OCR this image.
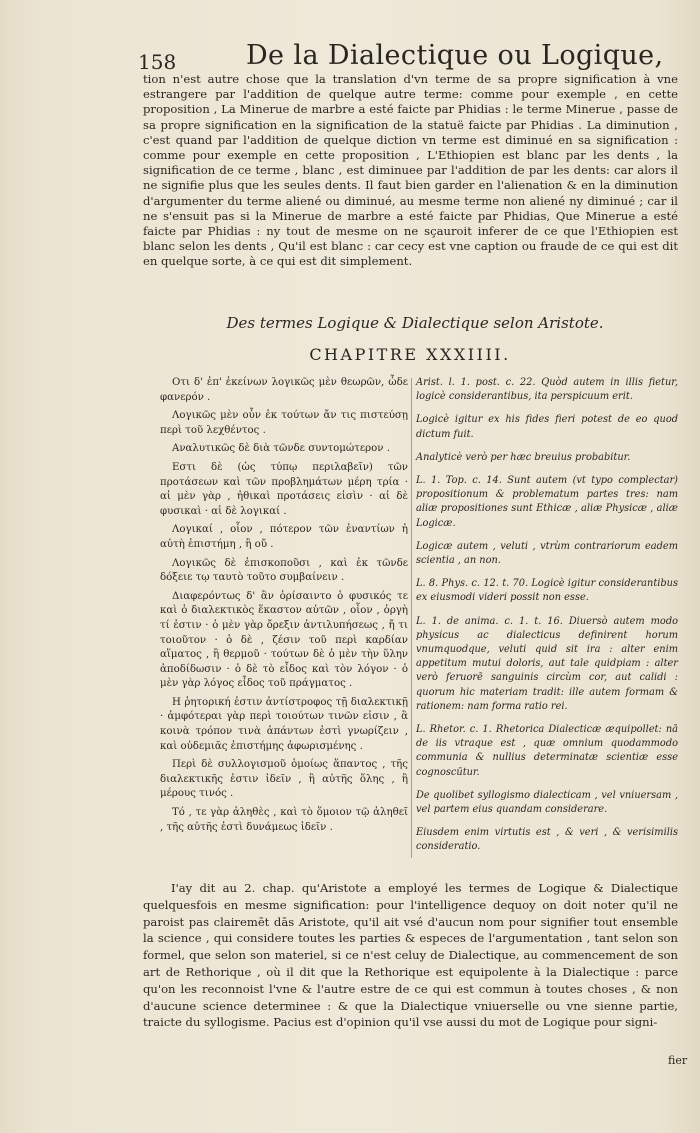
158	De la Dialectique ou Logique,

tion n'est autre chose que la translation d'vn terme de sa propre signification à vne estrangere par l'addition de quelque autre terme: comme pour exemple , en cette proposition , La Minerue de marbre a esté faicte par Phidias : le terme Minerue , passe de sa propre signification en la signification de la statuë faicte par Phidias . La diminution , c'est quand par l'addition de quelque diction vn terme est diminué en sa signification : comme pour exemple en cette proposition , L'Ethiopien est blanc par les dents , la signification de ce terme , blanc , est diminuee par l'addition de par les dents: car alors il ne signifie plus que les seules dents. Il faut bien garder en l'alienation & en la diminution d'argumenter du terme aliené ou diminué, au mesme terme non aliené ny diminué ; car il ne s'ensuit pas si la Minerue de marbre a esté faicte par Phidias, Que Minerue a esté faicte par Phidias : ny tout de mesme on ne sçauroit inferer de ce que l'Ethiopien est blanc selon les dents , Qu'il est blanc : car cecy est vne caption ou fraude de ce qui est dit en quelque sorte, à ce qui est dit simplement.

Des termes Logique & Dialectique selon Aristote.
CHAPITRE XXXIIII.

Οτι δ' ἐπ' ἐκείνων λογικῶς μὲν θεωρῶν, ὧδε φανερόν .

Λογικῶς μὲν οὖν ἐκ τούτων ἄν τις πιστεύσῃ περὶ τοῦ λεχθέντος .

Αναλυτικῶς δὲ διὰ τῶνδε συντομώτερον .

Εστι δὲ (ὡς τύπῳ περιλαβεῖν) τῶν προτάσεων καὶ τῶν προβλημάτων μέρη τρία · αἱ μὲν γὰρ , ἠθικαὶ προτάσεις εἰσὶν · αἱ δὲ φυσικαὶ · αἱ δὲ λογικαί .

Λογικαί , οἷον , πότερον τῶν ἐναντίων ἡ αὐτὴ ἐπιστήμη , ἢ οὔ .

Λογικῶς δὲ ἐπισκοποῦσι , καὶ ἐκ τῶνδε δόξειε τῳ ταυτὸ τοῦτο συμβαίνειν .

Διαφερόντως δ' ἂν ὁρίσαιντο ὁ φυσικός τε καὶ ὁ διαλεκτικὸς ἕκαστον αὐτῶν , οἷον , ὀργὴ τί ἐστιν · ὁ μὲν γὰρ ὄρεξιν ἀντιλυπήσεως , ἤ τι τοιοῦτον · ὁ δὲ , ζέσιν τοῦ περὶ καρδίαν αἵματος , ἢ θερμοῦ · τούτων δὲ ὁ μὲν τὴν ὕλην ἀποδίδωσιν · ὁ δὲ τὸ εἶδος καὶ τὸν λόγον · ὁ μὲν γὰρ λόγος εἶδος τοῦ πράγματος .

Η ῥητορική ἐστιν ἀντίστροφος τῇ διαλεκτικῇ · ἀμφότεραι γὰρ περὶ τοιούτων τινῶν εἰσιν , ἃ κοινὰ τρόπον τινὰ ἁπάντων ἐστὶ γνωρίζειν , καὶ οὐδεμιᾶς ἐπιστήμης ἀφωρισμένης .

Περὶ δὲ συλλογισμοῦ ὁμοίως ἅπαντος , τῆς διαλεκτικῆς ἐστιν ἰδεῖν , ἢ αὐτῆς ὅλης , ἢ μέρους τινός .

Τό , τε γὰρ ἀληθὲς , καὶ τὸ ὅμοιον τῷ ἀληθεῖ , τῆς αὐτῆς ἐστὶ δυνάμεως ἰδεῖν .

Arist. l. 1. post. c. 22. Quòd autem in illis fietur, logicè considerantibus, ita perspicuum erit.

Logicè igitur ex his fides fieri potest de eo quod dictum fuit.

Analyticè verò per hæc breuius probabitur.

L. 1. Top. c. 14. Sunt autem (vt typo complectar) propositionum & problematum partes tres: nam aliæ propositiones sunt Ethicæ , aliæ Physicæ , aliæ Logicæ.

Logicæ autem , veluti , vtrùm contrariorum eadem scientia , an non.

L. 8. Phys. c. 12. t. 70. Logicè igitur considerantibus ex eiusmodi videri possit non esse.

L. 1. de anima. c. 1. t. 16. Diuersò autem modo physicus ac dialecticus definirent horum vnumquodque, veluti quid sit ira : alter enim appetitum mutui doloris, aut tale quidpiam : alter verò feruorē sanguinis circùm cor, aut calidi : quorum hic materiam tradit: ille autem formam & rationem: nam forma ratio rei.

L. Rhetor. c. 1. Rhetorica Dialecticæ æquipollet: nā de iis vtraque est , quæ omnium quodammodo communia & nullius determinatæ scientiæ esse cognoscūtur.

De quolibet syllogismo dialecticam , vel vniuersam , vel partem eius quandam considerare.

Eiusdem enim virtutis est , & veri , & verisimilis consideratio.

I'ay dit au 2. chap. qu'Aristote a employé les termes de Logique & Dialectique quelquesfois en mesme signification: pour l'intelligence dequoy on doit noter qu'il ne paroist pas clairemēt dās Aristote, qu'il ait vsé d'aucun nom pour signifier tout ensemble la science , qui considere toutes les parties & especes de l'argumentation , tant selon son formel, que selon son materiel, si ce n'est celuy de Dialectique, au commencement de son art de Rethorique , où il dit que la Rethorique est equipolente à la Dialectique : parce qu'on les reconnoist l'vne & l'autre estre de ce qui est commun à toutes choses , & non d'aucune science determinee : & que la Dialectique vniuerselle ou vne sienne partie, traicte du syllogisme. Pacius est d'opinion qu'il vse aussi du mot de Logique pour signi-

fier
